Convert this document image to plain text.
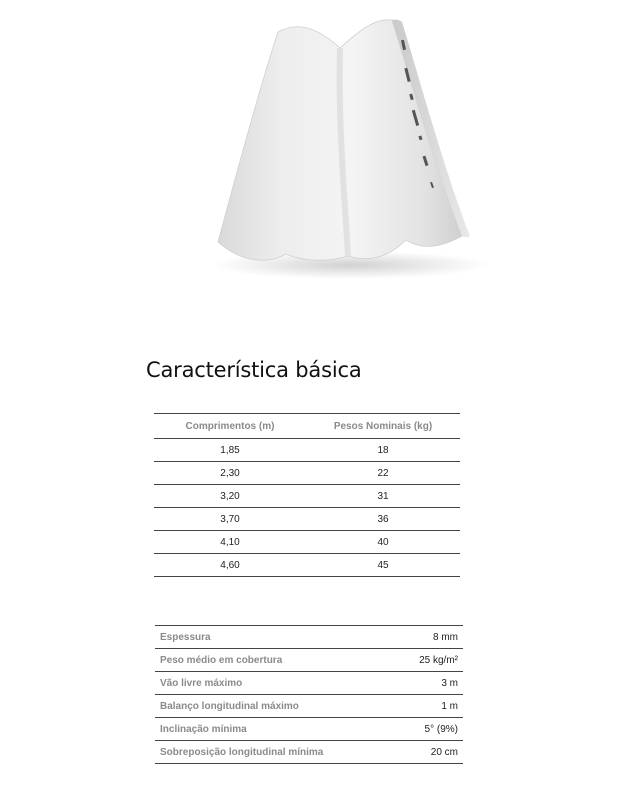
Característica básica
Comprimentos (m)	Pesos Nominais (kg)
1,85	18
2,30	22
3,20	31
3,70	36
4,10	40
4,60	45
Espessura	8 mm
Peso médio em cobertura	25 kg/m²
Vão livre máximo	3 m
Balanço longitudinal máximo	1 m
Inclinação mínima	5° (9%)
Sobreposição longitudinal mínima	20 cm
